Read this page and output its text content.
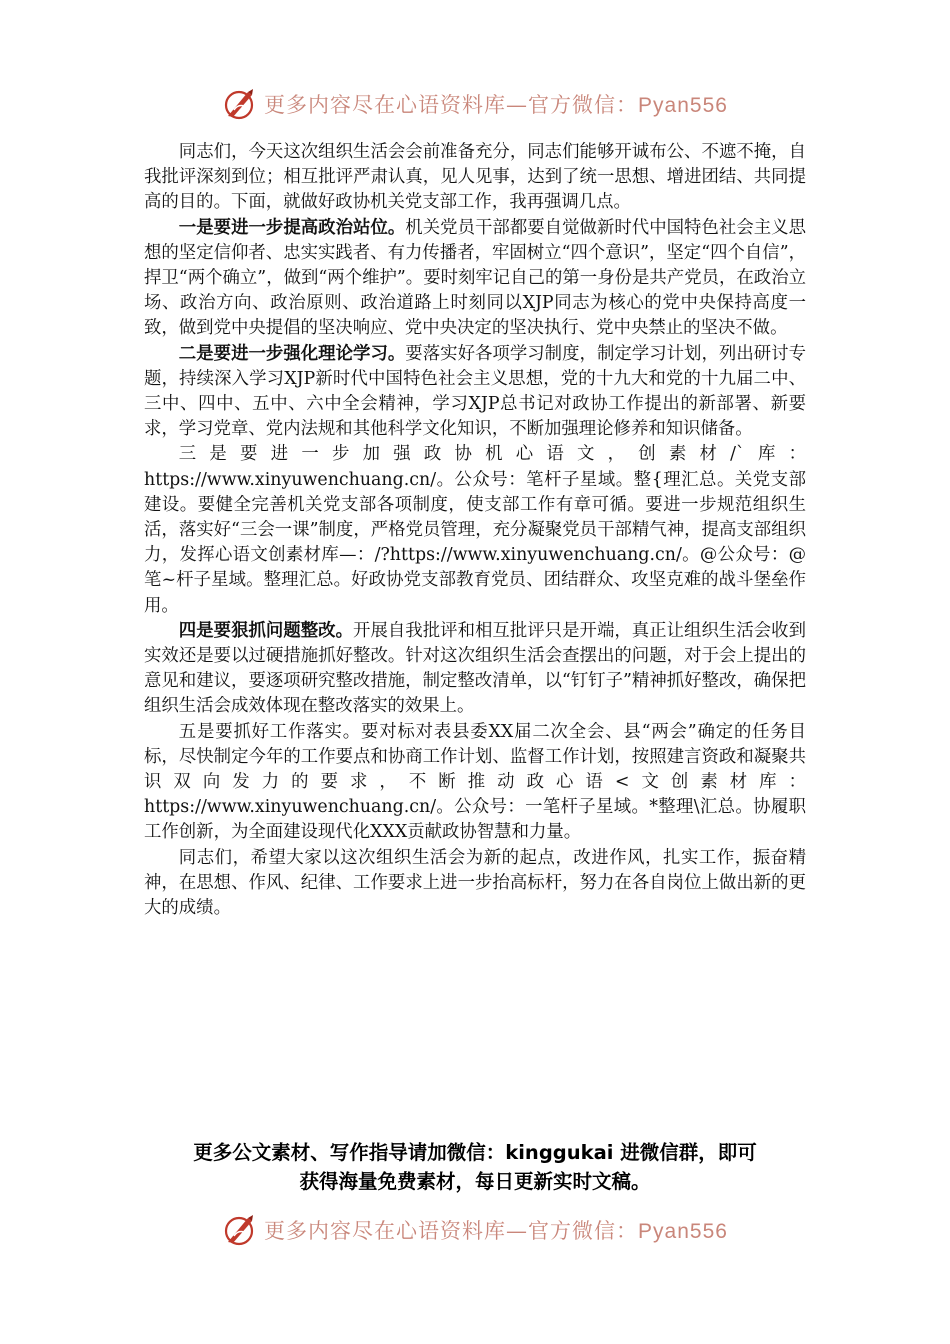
更多内容尽在心语资料库—官方微信：Pyan556

同志们，今天这次组织生活会会前准备充分，同志们能够开诚布公、不遮不掩，自我批评深刻到位；相互批评严肃认真，见人见事，达到了统一思想、增进团结、共同提高的目的。下面，就做好政协机关党支部工作，我再强调几点。

一是要进一步提高政治站位。机关党员干部都要自觉做新时代中国特色社会主义思想的坚定信仰者、忠实实践者、有力传播者，牢固树立“四个意识”，坚定“四个自信”，捍卫“两个确立”，做到“两个维护”。要时刻牢记自己的第一身份是共产党员，在政治立场、政治方向、政治原则、政治道路上时刻同以XJP同志为核心的党中央保持高度一致，做到党中央提倡的坚决响应、党中央决定的坚决执行、党中央禁止的坚决不做。

二是要进一步强化理论学习。要落实好各项学习制度，制定学习计划，列出研讨专题，持续深入学习XJP新时代中国特色社会主义思想，党的十九大和党的十九届二中、三中、四中、五中、六中全会精神，学习XJP总书记对政协工作提出的新部署、新要求，学习党章、党内法规和其他科学文化知识，不断加强理论修养和知识储备。

三是要进一步加强政协机心语文，创素材/`库：https://www.xinyuwenchuang.cn/。公众号：笔杆子星域。整{理汇总。关党支部建设。要健全完善机关党支部各项制度，使支部工作有章可循。要进一步规范组织生活，落实好“三会一课”制度，严格党员管理，充分凝聚党员干部精气神，提高支部组织力，发挥心语文创素材库—：/?https://www.xinyuwenchuang.cn/。@公众号：@笔~杆子星域。整理汇总。好政协党支部教育党员、团结群众、攻坚克难的战斗堡垒作用。

四是要狠抓问题整改。开展自我批评和相互批评只是开端，真正让组织生活会收到实效还是要以过硬措施抓好整改。针对这次组织生活会查摆出的问题，对于会上提出的意见和建议，要逐项研究整改措施，制定整改清单，以“钉钉子”精神抓好整改，确保把组织生活会成效体现在整改落实的效果上。

五是要抓好工作落实。要对标对表县委XX届二次全会、县“两会”确定的任务目标，尽快制定今年的工作要点和协商工作计划、监督工作计划，按照建言资政和凝聚共识双向发力的要求，不断推动政心语<文创素材库：https://www.xinyuwenchuang.cn/。公众号：一笔杆子星域。*整理\汇总。协履职工作创新，为全面建设现代化XXX贡献政协智慧和力量。

同志们，希望大家以这次组织生活会为新的起点，改进作风，扎实工作，振奋精神，在思想、作风、纪律、工作要求上进一步抬高标杆，努力在各自岗位上做出新的更大的成绩。

更多公文素材、写作指导请加微信：kinggukai 进微信群，即可
获得海量免费素材，每日更新实时文稿。
更多内容尽在心语资料库—官方微信：Pyan556
